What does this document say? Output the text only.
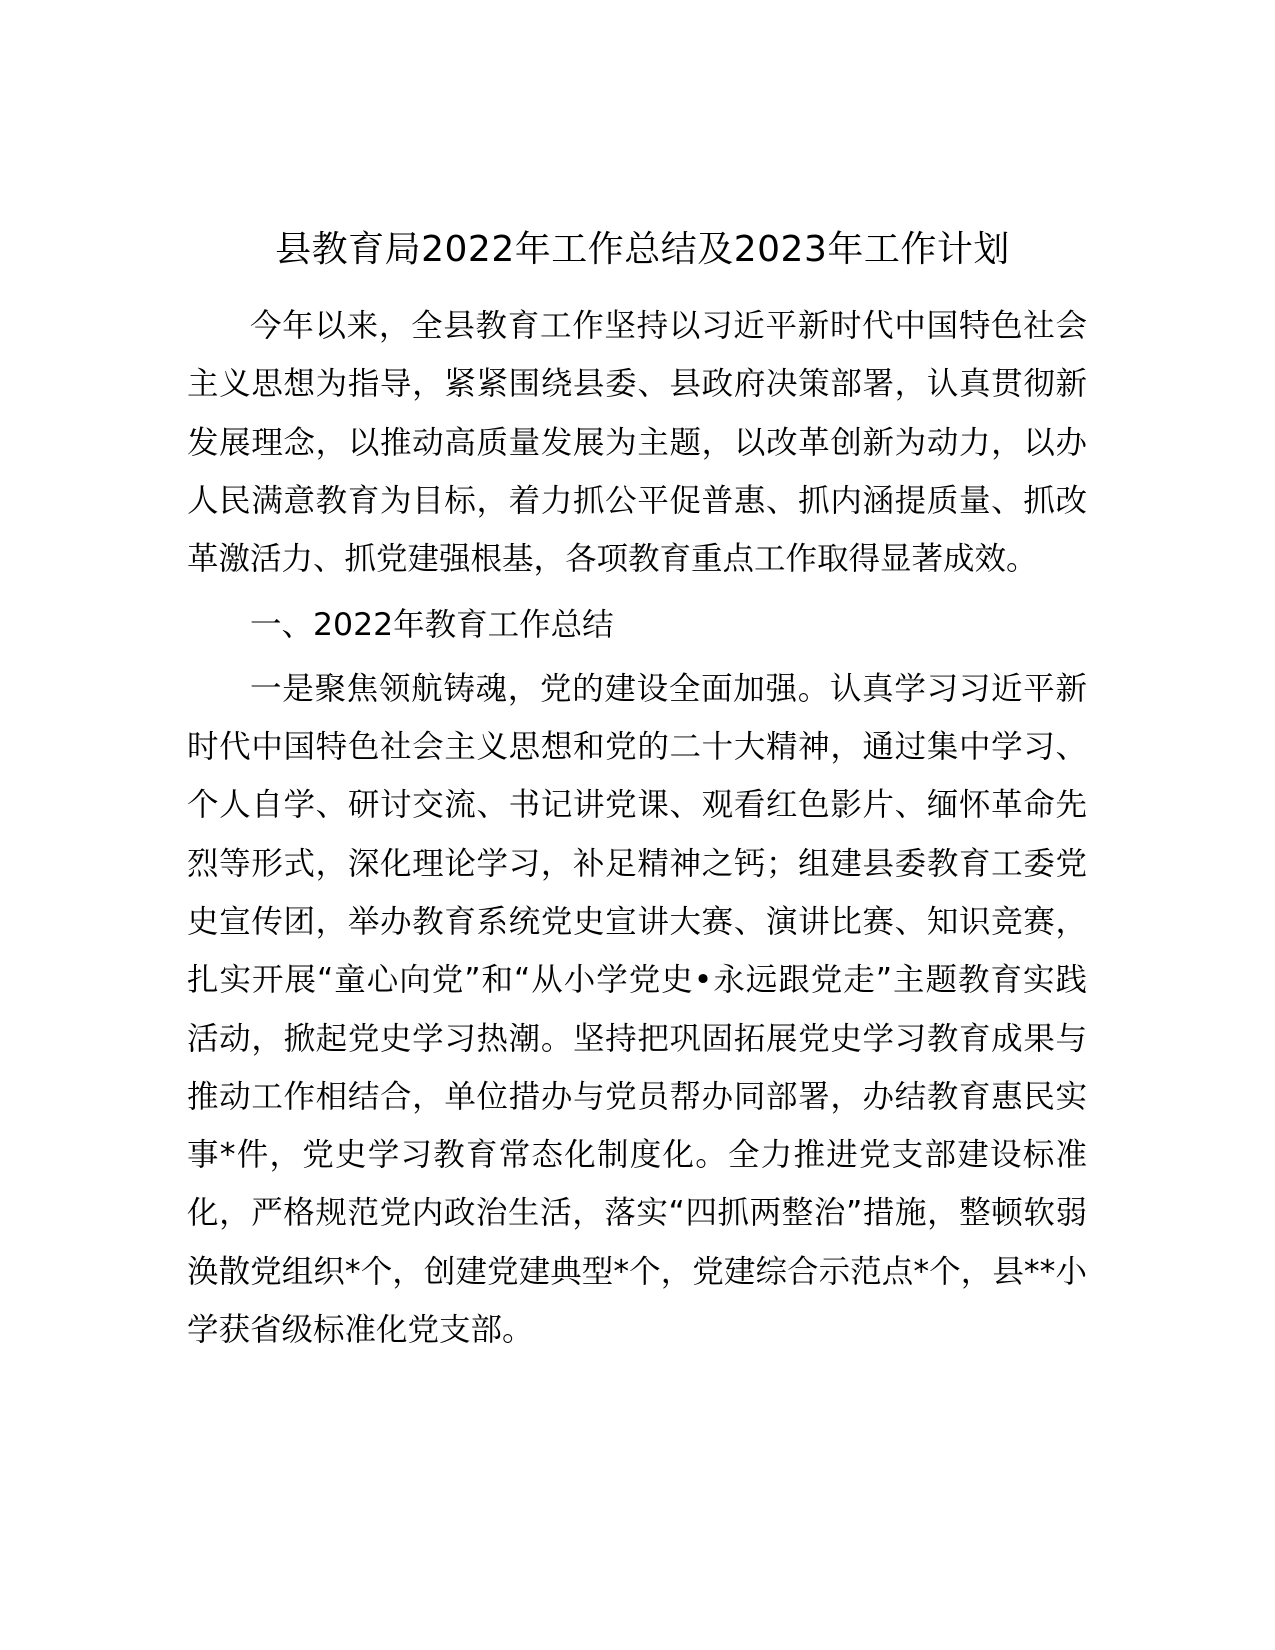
县教育局2022年工作总结及2023年工作计划

今年以来，全县教育工作坚持以习近平新时代中国特色社会主义思想为指导，紧紧围绕县委、县政府决策部署，认真贯彻新发展理念，以推动高质量发展为主题，以改革创新为动力，以办人民满意教育为目标，着力抓公平促普惠、抓内涵提质量、抓改革激活力、抓党建强根基，各项教育重点工作取得显著成效。

一、2022年教育工作总结

一是聚焦领航铸魂，党的建设全面加强。认真学习习近平新时代中国特色社会主义思想和党的二十大精神，通过集中学习、个人自学、研讨交流、书记讲党课、观看红色影片、缅怀革命先烈等形式，深化理论学习，补足精神之钙；组建县委教育工委党史宣传团，举办教育系统党史宣讲大赛、演讲比赛、知识竞赛，扎实开展“童心向党”和“从小学党史•永远跟党走”主题教育实践活动，掀起党史学习热潮。坚持把巩固拓展党史学习教育成果与推动工作相结合，单位措办与党员帮办同部署，办结教育惠民实事*件，党史学习教育常态化制度化。全力推进党支部建设标准化，严格规范党内政治生活，落实“四抓两整治”措施，整顿软弱涣散党组织*个，创建党建典型*个，党建综合示范点*个，县**小学获省级标准化党支部。
